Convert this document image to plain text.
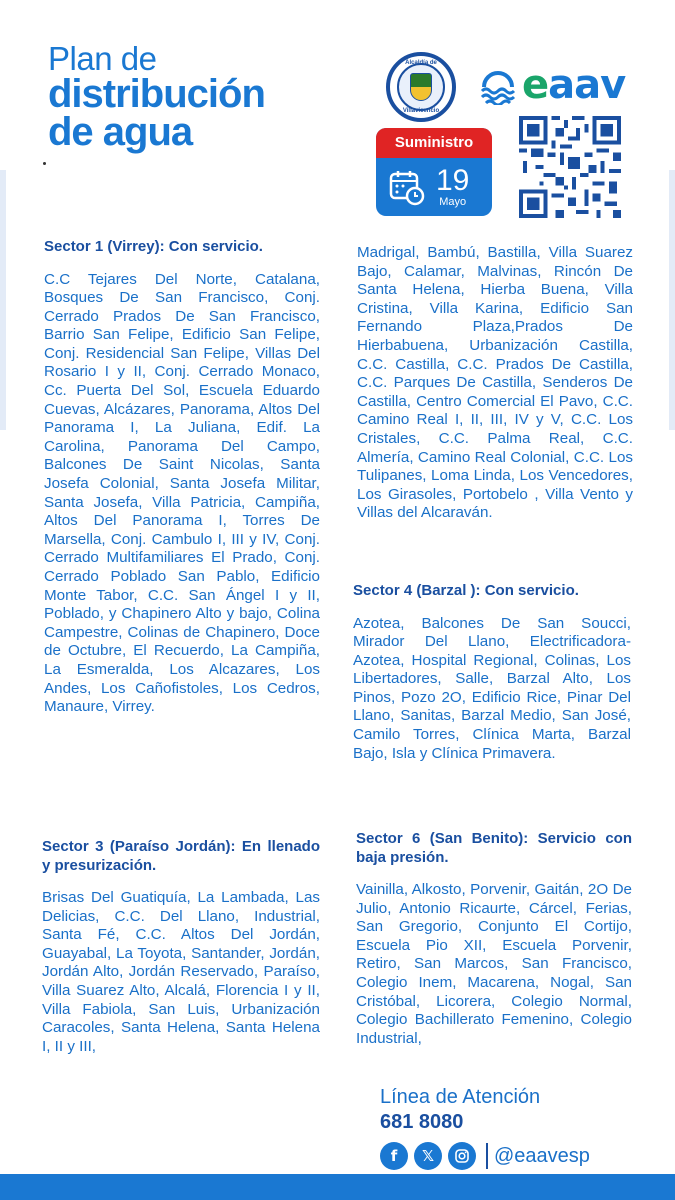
Plan de
distribución
de agua
Alcaldía de
Villavicencio
eaav
Suministro
19
Mayo
Sector 1 (Virrey): Con servicio.
C.C Tejares Del Norte, Catalana, Bosques De San Francisco, Conj. Cerrado Prados De San Francisco, Barrio San Felipe, Edificio San Felipe, Conj. Residencial San Felipe, Villas Del Rosario I y II, Conj. Cerrado Monaco, Cc. Puerta Del Sol, Escuela Eduardo Cuevas, Alcázares, Panorama, Altos Del Panorama I, La Juliana, Edif. La Carolina, Panorama Del Campo, Balcones De Saint Nicolas, Santa Josefa Colonial, Santa Josefa Militar, Santa Josefa, Villa Patricia, Campiña, Altos Del Panorama I, Torres De Marsella, Conj. Cambulo I, III y IV, Conj. Cerrado Multifamiliares El Prado, Conj. Cerrado Poblado San Pablo, Edificio Monte Tabor, C.C. San Ángel I y II, Poblado, y Chapinero Alto y bajo, Colina Campestre, Colinas de Chapinero, Doce de Octubre, El Recuerdo, La Campiña, La Esmeralda, Los Alcazares, Los Andes, Los Cañofistoles, Los Cedros, Manaure, Virrey.
Madrigal, Bambú, Bastilla, Villa Suarez Bajo, Calamar, Malvinas, Rincón De Santa Helena, Hierba Buena, Villa Cristina, Villa Karina, Edificio San Fernando Plaza,Prados De Hierbabuena, Urbanización Castilla, C.C. Castilla, C.C. Prados De Castilla, C.C. Parques De Castilla, Senderos De Castilla, Centro Comercial El Pavo, C.C. Camino Real I, II, III, IV y V, C.C. Los Cristales, C.C. Palma Real, C.C. Almería, Camino Real Colonial, C.C. Los Tulipanes, Loma Linda, Los Vencedores, Los Girasoles, Portobelo , Villa Vento y Villas del Alcaraván.
Sector 4 (Barzal ): Con servicio.
Azotea, Balcones De San Soucci, Mirador Del Llano, Electrificadora-Azotea, Hospital Regional, Colinas, Los Libertadores, Salle, Barzal Alto, Los Pinos, Pozo 2O, Edificio Rice, Pinar Del Llano, Sanitas, Barzal Medio, San José, Camilo Torres, Clínica Marta, Barzal Bajo, Isla y Clínica Primavera.
Sector 3 (Paraíso Jordán): En llenado y presurización.
Brisas Del Guatiquía, La Lambada, Las Delicias, C.C. Del Llano, Industrial, Santa Fé, C.C. Altos Del Jordán, Guayabal, La Toyota, Santander, Jordán, Jordán Alto, Jordán Reservado, Paraíso, Villa Suarez Alto, Alcalá, Florencia I y II, Villa Fabiola, San Luis, Urbanización Caracoles, Santa Helena, Santa Helena I, II y III,
Sector 6 (San Benito): Servicio con baja presión.
Vainilla, Alkosto, Porvenir, Gaitán, 2O De Julio, Antonio Ricaurte, Cárcel, Ferias, San Gregorio, Conjunto El Cortijo, Escuela Pio XII, Escuela Porvenir, Retiro, San Marcos, San Francisco, Colegio Inem, Macarena, Nogal, San Cristóbal, Licorera, Colegio Normal, Colegio Bachillerato Femenino, Colegio Industrial,
Línea de Atención
681 8080
f	𝕏	@eaavesp
